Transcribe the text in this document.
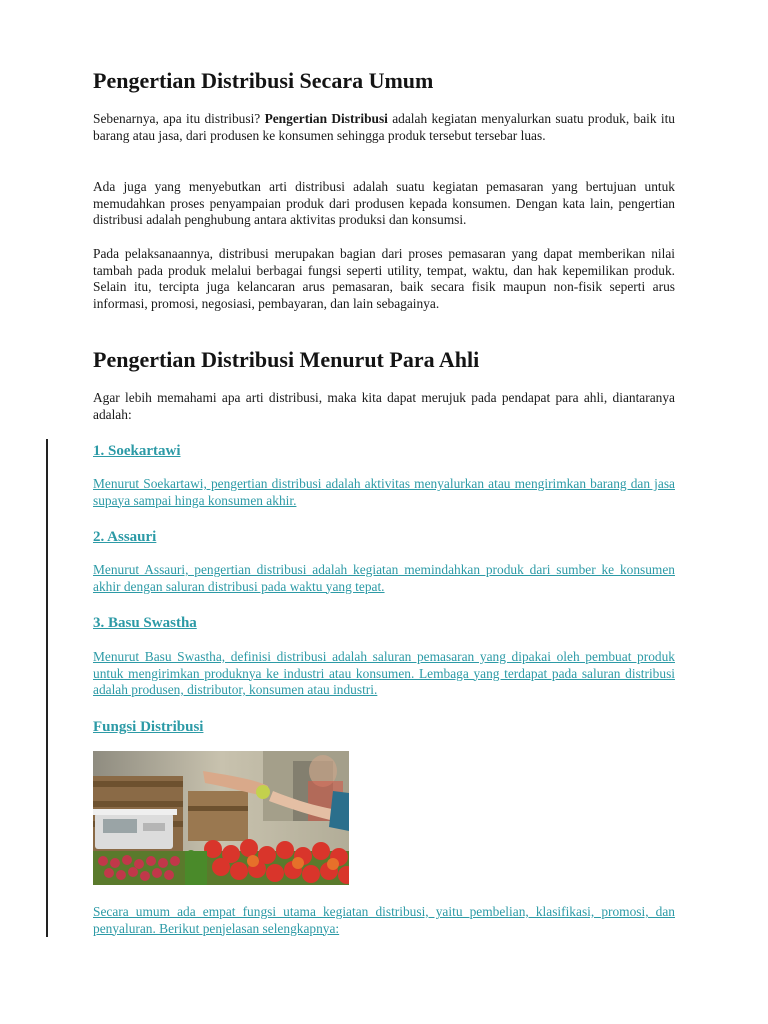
Pengertian Distribusi Secara Umum

Sebenarnya, apa itu distribusi? Pengertian Distribusi adalah kegiatan menyalurkan suatu produk, baik itu barang atau jasa, dari produsen ke konsumen sehingga produk tersebut tersebar luas.

Ada juga yang menyebutkan arti distribusi adalah suatu kegiatan pemasaran yang bertujuan untuk memudahkan proses penyampaian produk dari produsen kepada konsumen. Dengan kata lain, pengertian distribusi adalah penghubung antara aktivitas produksi dan konsumsi.

Pada pelaksanaannya, distribusi merupakan bagian dari proses pemasaran yang dapat memberikan nilai tambah pada produk melalui berbagai fungsi seperti utility, tempat, waktu, dan hak kepemilikan produk. Selain itu, tercipta juga kelancaran arus pemasaran, baik secara fisik maupun non-fisik seperti arus informasi, promosi, negosiasi, pembayaran, dan lain sebagainya.

Pengertian Distribusi Menurut Para Ahli

Agar lebih memahami apa arti distribusi, maka kita dapat merujuk pada pendapat para ahli, diantaranya adalah:

1. Soekartawi

Menurut Soekartawi, pengertian distribusi adalah aktivitas menyalurkan atau mengirimkan barang dan jasa supaya sampai hinga konsumen akhir.

2. Assauri

Menurut Assauri, pengertian distribusi adalah kegiatan memindahkan produk dari sumber ke konsumen akhir dengan saluran distribusi pada waktu yang tepat.

3. Basu Swastha

Menurut Basu Swastha, definisi distribusi adalah saluran pemasaran yang dipakai oleh pembuat produk untuk mengirimkan produknya ke industri atau konsumen. Lembaga yang terdapat pada saluran distribusi adalah produsen, distributor, konsumen atau industri.

Fungsi Distribusi

Secara umum ada empat fungsi utama kegiatan distribusi, yaitu pembelian, klasifikasi, promosi, dan penyaluran. Berikut penjelasan selengkapnya:
